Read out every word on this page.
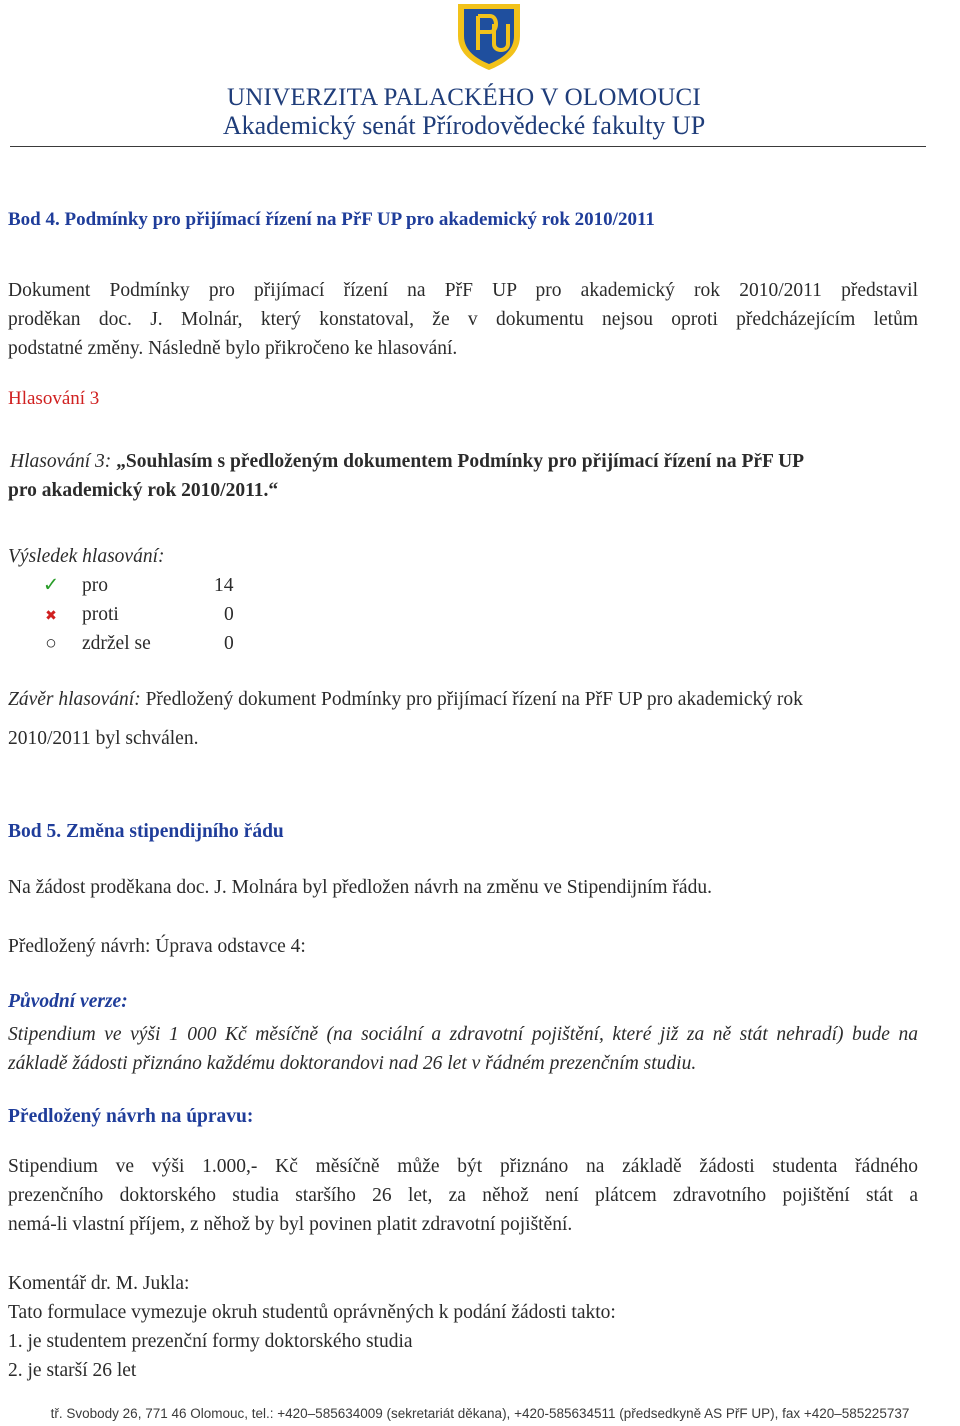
UNIVERZITA PALACKÉHO V OLOMOUCI
Akademický senát Přírodovědecké fakulty UP
Bod 4. Podmínky pro přijímací řízení na PřF UP pro akademický rok 2010/2011
Dokument Podmínky pro přijímací řízení na PřF UP pro akademický rok 2010/2011 představil
proděkan doc. J. Molnár, který konstatoval, že v dokumentu nejsou oproti předcházejícím letům
podstatné změny. Následně bylo přikročeno ke hlasování.
Hlasování 3
Hlasování 3: „Souhlasím s předloženým dokumentem Podmínky pro přijímací řízení na PřF UP
pro akademický rok 2010/2011.“
Výsledek hlasování:
✓ pro	14
✖ proti	0
○ zdržel se	0
Závěr hlasování: Předložený dokument Podmínky pro přijímací řízení na PřF UP pro akademický rok
2010/2011 byl schválen.
Bod 5. Změna stipendijního řádu
Na žádost proděkana doc. J. Molnára byl předložen návrh na změnu ve Stipendijním řádu.
Předložený návrh: Úprava odstavce 4:
Původní verze:
Stipendium ve výši 1 000 Kč měsíčně (na sociální a zdravotní pojištění, které již za ně stát nehradí) bude na
základě žádosti přiznáno každému doktorandovi nad 26 let v řádném prezenčním studiu.
Předložený návrh na úpravu:
Stipendium ve výši 1.000,- Kč měsíčně může být přiznáno na základě žádosti studenta řádného
prezenčního doktorského studia staršího 26 let, za něhož není plátcem zdravotního pojištění stát a
nemá-li vlastní příjem, z něhož by byl povinen platit zdravotní pojištění.
Komentář dr. M. Jukla:
Tato formulace vymezuje okruh studentů oprávněných k podání žádosti takto:
1. je studentem prezenční formy doktorského studia
2. je starší 26 let
tř. Svobody 26, 771 46 Olomouc, tel.: +420–585634009 (sekretariát děkana), +420-585634511 (předsedkyně AS PřF UP), fax +420–585225737
